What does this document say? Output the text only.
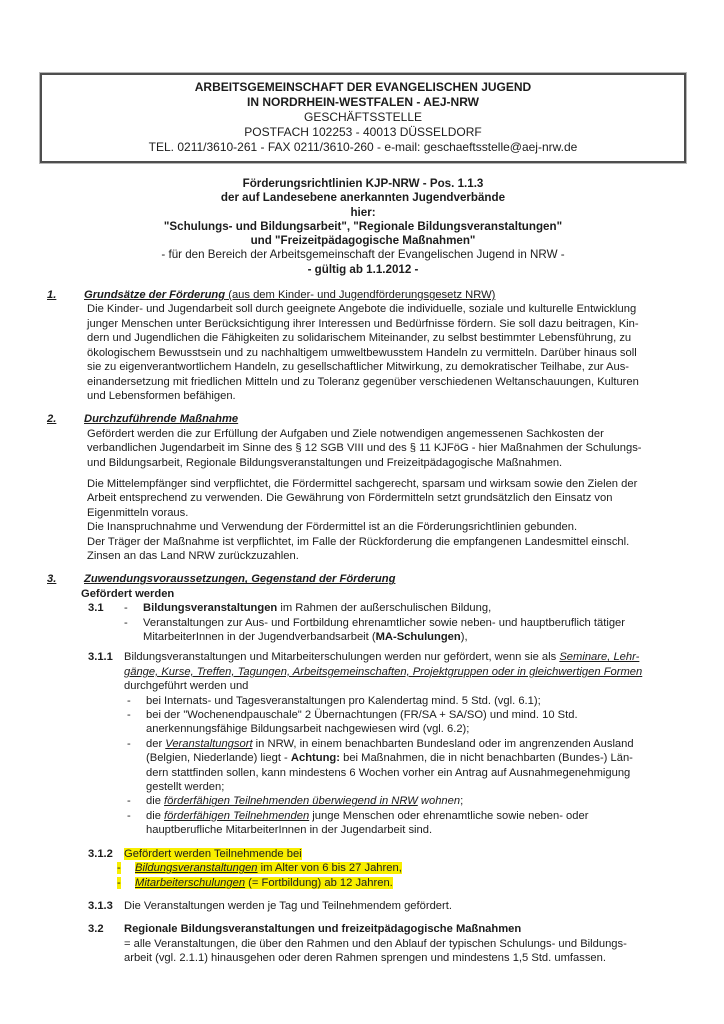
ARBEITSGEMEINSCHAFT DER EVANGELISCHEN JUGEND
IN NORDRHEIN-WESTFALEN - AEJ-NRW
GESCHÄFTSSTELLE
POSTFACH 102253 - 40013 DÜSSELDORF
TEL. 0211/3610-261 - FAX 0211/3610-260 - e-mail: geschaeftsstelle@aej-nrw.de
Förderungsrichtlinien KJP-NRW - Pos. 1.1.3
der auf Landesebene anerkannten Jugendverbände
hier:
"Schulungs- und Bildungsarbeit", "Regionale Bildungsveranstaltungen"
und "Freizeitpädagogische Maßnahmen"
- für den Bereich der Arbeitsgemeinschaft der Evangelischen Jugend in NRW -
- gültig ab 1.1.2012 -
1.	Grundsätze der Förderung (aus dem Kinder- und Jugendförderungsgesetz NRW)

Die Kinder- und Jugendarbeit soll durch geeignete Angebote die individuelle, soziale und kulturelle Entwicklung
junger Menschen unter Berücksichtigung ihrer Interessen und Bedürfnisse fördern. Sie soll dazu beitragen, Kin-
dern und Jugendlichen die Fähigkeiten zu solidarischem Miteinander, zu selbst bestimmter Lebensführung, zu
ökologischem Bewusstsein und zu nachhaltigem umweltbewusstem Handeln zu vermitteln. Darüber hinaus soll
sie zu eigenverantwortlichem Handeln, zu gesellschaftlicher Mitwirkung, zu demokratischer Teilhabe, zur Aus-
einandersetzung mit friedlichen Mitteln und zu Toleranz gegenüber verschiedenen Weltanschauungen, Kulturen
und Lebensformen befähigen.

2.	Durchzuführende Maßnahme

Gefördert werden die zur Erfüllung der Aufgaben und Ziele notwendigen angemessenen Sachkosten der
verbandlichen Jugendarbeit im Sinne des § 12 SGB VIII und des § 11 KJFöG - hier Maßnahmen der Schulungs-
und Bildungsarbeit, Regionale Bildungsveranstaltungen und Freizeitpädagogische Maßnahmen.

Die Mittelempfänger sind verpflichtet, die Fördermittel sachgerecht, sparsam und wirksam sowie den Zielen der
Arbeit entsprechend zu verwenden. Die Gewährung von Fördermitteln setzt grundsätzlich den Einsatz von
Eigenmitteln voraus.

Die Inanspruchnahme und Verwendung der Fördermittel ist an die Förderungsrichtlinien gebunden.

Der Träger der Maßnahme ist verpflichtet, im Falle der Rückforderung die empfangenen Landesmittel einschl.
Zinsen an das Land NRW zurückzuzahlen.

3.	Zuwendungsvoraussetzungen, Gegenstand der Förderung
Gefördert werden
3.1	-	Bildungsveranstaltungen im Rahmen der außerschulischen Bildung,
-	Veranstaltungen zur Aus- und Fortbildung ehrenamtlicher sowie neben- und hauptberuflich tätiger
MitarbeiterInnen in der Jugendverbandsarbeit (MA-Schulungen),
3.1.1 Bildungsveranstaltungen und Mitarbeiterschulungen werden nur gefördert, wenn sie als Seminare, Lehr-
gänge, Kurse, Treffen, Tagungen, Arbeitsgemeinschaften, Projektgruppen oder in gleichwertigen Formen
durchgeführt werden und
-	bei Internats- und Tagesveranstaltungen pro Kalendertag mind. 5 Std. (vgl. 6.1);
-	bei der "Wochenendpauschale" 2 Übernachtungen (FR/SA + SA/SO) und mind. 10 Std.
anerkennungsfähige Bildungsarbeit nachgewiesen wird (vgl. 6.2);
-	der Veranstaltungsort in NRW, in einem benachbarten Bundesland oder im angrenzenden Ausland
(Belgien, Niederlande) liegt - Achtung: bei Maßnahmen, die in nicht benachbarten (Bundes-) Län-
dern stattfinden sollen, kann mindestens 6 Wochen vorher ein Antrag auf Ausnahmegenehmigung
gestellt werden;
-	die förderfähigen Teilnehmenden überwiegend in NRW wohnen;
-	die förderfähigen Teilnehmenden junge Menschen oder ehrenamtliche sowie neben- oder
hauptberufliche MitarbeiterInnen in der Jugendarbeit sind.
3.1.2 Gefördert werden Teilnehmende bei
-	Bildungsveranstaltungen im Alter von 6 bis 27 Jahren,
-	Mitarbeiterschulungen (= Fortbildung) ab 12 Jahren.
3.1.3 Die Veranstaltungen werden je Tag und Teilnehmendem gefördert.
3.2	Regionale Bildungsveranstaltungen und freizeitpädagogische Maßnahmen
= alle Veranstaltungen, die über den Rahmen und den Ablauf der typischen Schulungs- und Bildungs-
arbeit (vgl. 2.1.1) hinausgehen oder deren Rahmen sprengen und mindestens 1,5 Std. umfassen.
